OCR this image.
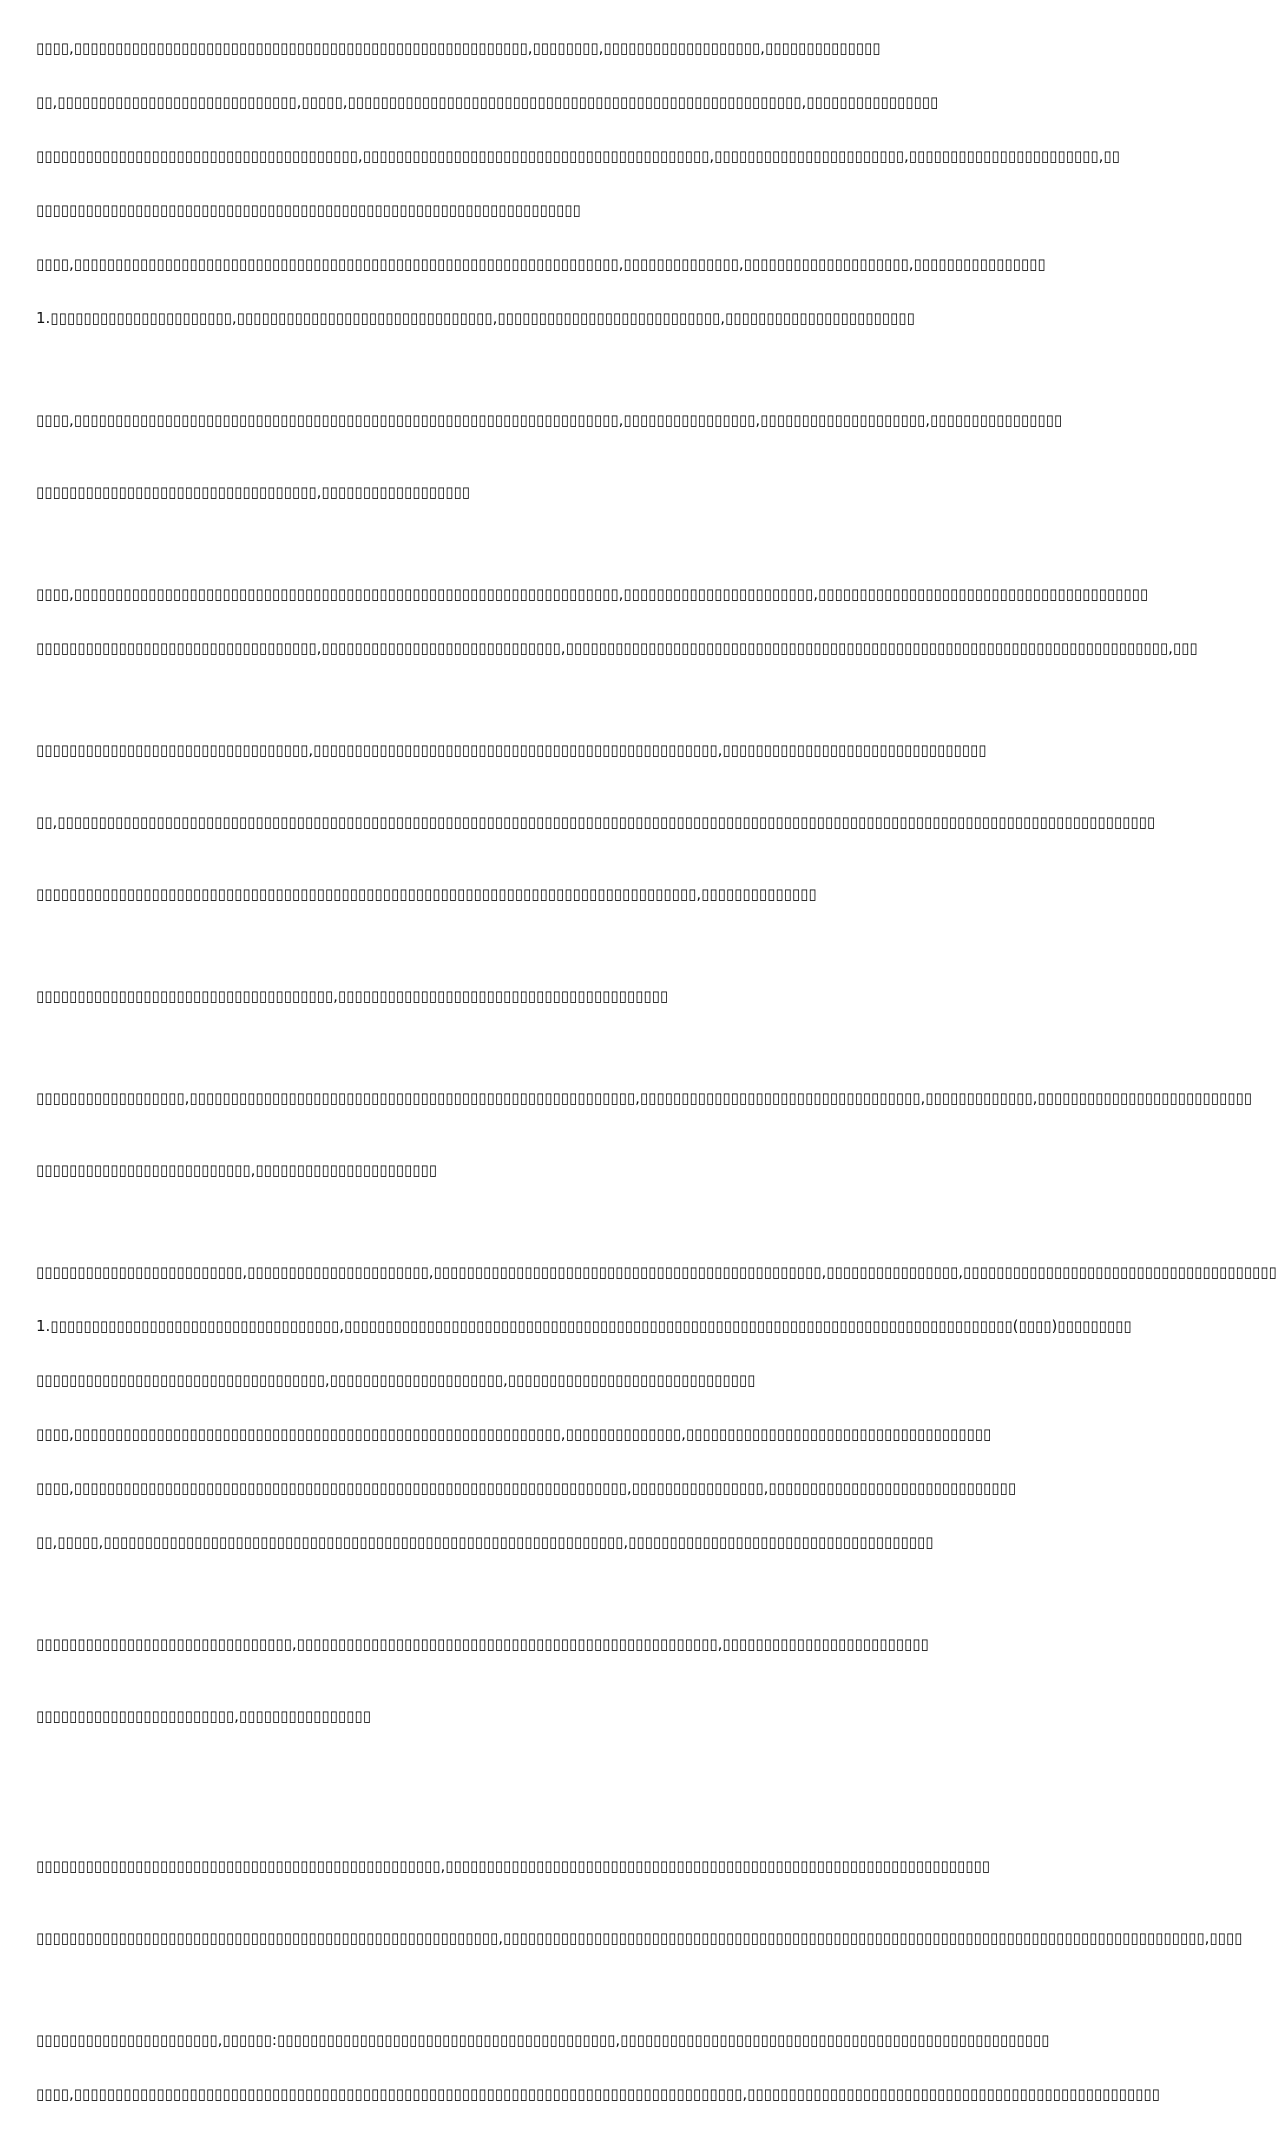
▯▯▯▯,▯▯▯▯▯▯▯▯▯▯▯▯▯▯▯▯▯▯▯▯▯▯▯▯▯▯▯▯▯▯▯▯▯▯▯▯▯▯▯▯▯▯▯▯▯▯▯▯▯▯▯▯▯▯▯,▯▯▯▯▯▯▯▯,▯▯▯▯▯▯▯▯▯▯▯▯▯▯▯▯▯▯▯,▯▯▯▯▯▯▯▯▯▯▯▯▯▯
▯▯,▯▯▯▯▯▯▯▯▯▯▯▯▯▯▯▯▯▯▯▯▯▯▯▯▯▯▯▯▯,▯▯▯▯▯,▯▯▯▯▯▯▯▯▯▯▯▯▯▯▯▯▯▯▯▯▯▯▯▯▯▯▯▯▯▯▯▯▯▯▯▯▯▯▯▯▯▯▯▯▯▯▯▯▯▯▯▯▯▯▯,▯▯▯▯▯▯▯▯▯▯▯▯▯▯▯▯
▯▯▯▯▯▯▯▯▯▯▯▯▯▯▯▯▯▯▯▯▯▯▯▯▯▯▯▯▯▯▯▯▯▯▯▯▯▯▯,▯▯▯▯▯▯▯▯▯▯▯▯▯▯▯▯▯▯▯▯▯▯▯▯▯▯▯▯▯▯▯▯▯▯▯▯▯▯▯▯▯▯,▯▯▯▯▯▯▯▯▯▯▯▯▯▯▯▯▯▯▯▯▯▯▯,▯▯▯▯▯▯▯▯▯▯▯▯▯▯▯▯▯▯▯▯▯▯▯,▯▯
▯▯▯▯▯▯▯▯▯▯▯▯▯▯▯▯▯▯▯▯▯▯▯▯▯▯▯▯▯▯▯▯▯▯▯▯▯▯▯▯▯▯▯▯▯▯▯▯▯▯▯▯▯▯▯▯▯▯▯▯▯▯▯▯▯▯
▯▯▯▯,▯▯▯▯▯▯▯▯▯▯▯▯▯▯▯▯▯▯▯▯▯▯▯▯▯▯▯▯▯▯▯▯▯▯▯▯▯▯▯▯▯▯▯▯▯▯▯▯▯▯▯▯▯▯▯▯▯▯▯▯▯▯▯▯▯▯,▯▯▯▯▯▯▯▯▯▯▯▯▯▯,▯▯▯▯▯▯▯▯▯▯▯▯▯▯▯▯▯▯▯▯,▯▯▯▯▯▯▯▯▯▯▯▯▯▯▯▯
1.▯▯▯▯▯▯▯▯▯▯▯▯▯▯▯▯▯▯▯▯▯▯,▯▯▯▯▯▯▯▯▯▯▯▯▯▯▯▯▯▯▯▯▯▯▯▯▯▯▯▯▯▯▯,▯▯▯▯▯▯▯▯▯▯▯▯▯▯▯▯▯▯▯▯▯▯▯▯▯▯▯,▯▯▯▯▯▯▯▯▯▯▯▯▯▯▯▯▯▯▯▯▯▯▯

▯▯▯▯,▯▯▯▯▯▯▯▯▯▯▯▯▯▯▯▯▯▯▯▯▯▯▯▯▯▯▯▯▯▯▯▯▯▯▯▯▯▯▯▯▯▯▯▯▯▯▯▯▯▯▯▯▯▯▯▯▯▯▯▯▯▯▯▯▯▯,▯▯▯▯▯▯▯▯▯▯▯▯▯▯▯▯,▯▯▯▯▯▯▯▯▯▯▯▯▯▯▯▯▯▯▯▯,▯▯▯▯▯▯▯▯▯▯▯▯▯▯▯▯

▯▯▯▯▯▯▯▯▯▯▯▯▯▯▯▯▯▯▯▯▯▯▯▯▯▯▯▯▯▯▯▯▯▯,▯▯▯▯▯▯▯▯▯▯▯▯▯▯▯▯▯▯

▯▯▯▯,▯▯▯▯▯▯▯▯▯▯▯▯▯▯▯▯▯▯▯▯▯▯▯▯▯▯▯▯▯▯▯▯▯▯▯▯▯▯▯▯▯▯▯▯▯▯▯▯▯▯▯▯▯▯▯▯▯▯▯▯▯▯▯▯▯▯,▯▯▯▯▯▯▯▯▯▯▯▯▯▯▯▯▯▯▯▯▯▯▯,▯▯▯▯▯▯▯▯▯▯▯▯▯▯▯▯▯▯▯▯▯▯▯▯▯▯▯▯▯▯▯▯▯▯▯▯▯▯▯▯
▯▯▯▯▯▯▯▯▯▯▯▯▯▯▯▯▯▯▯▯▯▯▯▯▯▯▯▯▯▯▯▯▯▯,▯▯▯▯▯▯▯▯▯▯▯▯▯▯▯▯▯▯▯▯▯▯▯▯▯▯▯▯▯,▯▯▯▯▯▯▯▯▯▯▯▯▯▯▯▯▯▯▯▯▯▯▯▯▯▯▯▯▯▯▯▯▯▯▯▯▯▯▯▯▯▯▯▯▯▯▯▯▯▯▯▯▯▯▯▯▯▯▯▯▯▯▯▯▯▯▯▯▯▯▯▯▯,▯▯▯

▯▯▯▯▯▯▯▯▯▯▯▯▯▯▯▯▯▯▯▯▯▯▯▯▯▯▯▯▯▯▯▯▯,▯▯▯▯▯▯▯▯▯▯▯▯▯▯▯▯▯▯▯▯▯▯▯▯▯▯▯▯▯▯▯▯▯▯▯▯▯▯▯▯▯▯▯▯▯▯▯▯▯,▯▯▯▯▯▯▯▯▯▯▯▯▯▯▯▯▯▯▯▯▯▯▯▯▯▯▯▯▯▯▯▯

▯▯,▯▯▯▯▯▯▯▯▯▯▯▯▯▯▯▯▯▯▯▯▯▯▯▯▯▯▯▯▯▯▯▯▯▯▯▯▯▯▯▯▯▯▯▯▯▯▯▯▯▯▯▯▯▯▯▯▯▯▯▯▯▯▯▯▯▯▯▯▯▯▯▯▯▯▯▯▯▯▯▯▯▯▯▯▯▯▯▯▯▯▯▯▯▯▯▯▯▯▯▯▯▯▯▯▯▯▯▯▯▯▯▯▯▯▯▯▯▯▯▯▯▯▯▯▯▯▯▯▯▯▯▯▯

▯▯▯▯▯▯▯▯▯▯▯▯▯▯▯▯▯▯▯▯▯▯▯▯▯▯▯▯▯▯▯▯▯▯▯▯▯▯▯▯▯▯▯▯▯▯▯▯▯▯▯▯▯▯▯▯▯▯▯▯▯▯▯▯▯▯▯▯▯▯▯▯▯▯▯▯▯▯▯▯,▯▯▯▯▯▯▯▯▯▯▯▯▯▯

▯▯▯▯▯▯▯▯▯▯▯▯▯▯▯▯▯▯▯▯▯▯▯▯▯▯▯▯▯▯▯▯▯▯▯▯,▯▯▯▯▯▯▯▯▯▯▯▯▯▯▯▯▯▯▯▯▯▯▯▯▯▯▯▯▯▯▯▯▯▯▯▯▯▯▯▯

▯▯▯▯▯▯▯▯▯▯▯▯▯▯▯▯▯▯,▯▯▯▯▯▯▯▯▯▯▯▯▯▯▯▯▯▯▯▯▯▯▯▯▯▯▯▯▯▯▯▯▯▯▯▯▯▯▯▯▯▯▯▯▯▯▯▯▯▯▯▯▯▯,▯▯▯▯▯▯▯▯▯▯▯▯▯▯▯▯▯▯▯▯▯▯▯▯▯▯▯▯▯▯▯▯▯▯,▯▯▯▯▯▯▯▯▯▯▯▯▯,▯▯▯▯▯▯▯▯▯▯▯▯▯▯▯▯▯▯▯▯▯▯▯▯▯▯

▯▯▯▯▯▯▯▯▯▯▯▯▯▯▯▯▯▯▯▯▯▯▯▯▯▯,▯▯▯▯▯▯▯▯▯▯▯▯▯▯▯▯▯▯▯▯▯▯

▯▯▯▯▯▯▯▯▯▯▯▯▯▯▯▯▯▯▯▯▯▯▯▯▯,▯▯▯▯▯▯▯▯▯▯▯▯▯▯▯▯▯▯▯▯▯▯,▯▯▯▯▯▯▯▯▯▯▯▯▯▯▯▯▯▯▯▯▯▯▯▯▯▯▯▯▯▯▯▯▯▯▯▯▯▯▯▯▯▯▯▯▯▯▯,▯▯▯▯▯▯▯▯▯▯▯▯▯▯▯▯,▯▯▯▯▯▯▯▯▯▯▯▯▯▯▯▯▯▯▯▯▯▯▯▯▯▯▯▯▯▯▯▯▯▯▯▯▯▯
1.▯▯▯▯▯▯▯▯▯▯▯▯▯▯▯▯▯▯▯▯▯▯▯▯▯▯▯▯▯▯▯▯▯▯▯,▯▯▯▯▯▯▯▯▯▯▯▯▯▯▯▯▯▯▯▯▯▯▯▯▯▯▯▯▯▯▯▯▯▯▯▯▯▯▯▯▯▯▯▯▯▯▯▯▯▯▯▯▯▯▯▯▯▯▯▯▯▯▯▯▯▯▯▯▯▯▯▯▯▯▯▯▯▯▯▯▯(▯▯▯▯)▯▯▯▯▯▯▯▯▯
▯▯▯▯▯▯▯▯▯▯▯▯▯▯▯▯▯▯▯▯▯▯▯▯▯▯▯▯▯▯▯▯▯▯▯,▯▯▯▯▯▯▯▯▯▯▯▯▯▯▯▯▯▯▯▯▯,▯▯▯▯▯▯▯▯▯▯▯▯▯▯▯▯▯▯▯▯▯▯▯▯▯▯▯▯▯▯
▯▯▯▯,▯▯▯▯▯▯▯▯▯▯▯▯▯▯▯▯▯▯▯▯▯▯▯▯▯▯▯▯▯▯▯▯▯▯▯▯▯▯▯▯▯▯▯▯▯▯▯▯▯▯▯▯▯▯▯▯▯▯▯,▯▯▯▯▯▯▯▯▯▯▯▯▯▯,▯▯▯▯▯▯▯▯▯▯▯▯▯▯▯▯▯▯▯▯▯▯▯▯▯▯▯▯▯▯▯▯▯▯▯▯▯
▯▯▯▯,▯▯▯▯▯▯▯▯▯▯▯▯▯▯▯▯▯▯▯▯▯▯▯▯▯▯▯▯▯▯▯▯▯▯▯▯▯▯▯▯▯▯▯▯▯▯▯▯▯▯▯▯▯▯▯▯▯▯▯▯▯▯▯▯▯▯▯,▯▯▯▯▯▯▯▯▯▯▯▯▯▯▯▯,▯▯▯▯▯▯▯▯▯▯▯▯▯▯▯▯▯▯▯▯▯▯▯▯▯▯▯▯▯▯
▯▯,▯▯▯▯▯,▯▯▯▯▯▯▯▯▯▯▯▯▯▯▯▯▯▯▯▯▯▯▯▯▯▯▯▯▯▯▯▯▯▯▯▯▯▯▯▯▯▯▯▯▯▯▯▯▯▯▯▯▯▯▯▯▯▯▯▯▯▯▯,▯▯▯▯▯▯▯▯▯▯▯▯▯▯▯▯▯▯▯▯▯▯▯▯▯▯▯▯▯▯▯▯▯▯▯▯▯

▯▯▯▯▯▯▯▯▯▯▯▯▯▯▯▯▯▯▯▯▯▯▯▯▯▯▯▯▯▯▯,▯▯▯▯▯▯▯▯▯▯▯▯▯▯▯▯▯▯▯▯▯▯▯▯▯▯▯▯▯▯▯▯▯▯▯▯▯▯▯▯▯▯▯▯▯▯▯▯▯▯▯,▯▯▯▯▯▯▯▯▯▯▯▯▯▯▯▯▯▯▯▯▯▯▯▯▯

▯▯▯▯▯▯▯▯▯▯▯▯▯▯▯▯▯▯▯▯▯▯▯▯,▯▯▯▯▯▯▯▯▯▯▯▯▯▯▯▯

▯▯▯▯▯▯▯▯▯▯▯▯▯▯▯▯▯▯▯▯▯▯▯▯▯▯▯▯▯▯▯▯▯▯▯▯▯▯▯▯▯▯▯▯▯▯▯▯▯,▯▯▯▯▯▯▯▯▯▯▯▯▯▯▯▯▯▯▯▯▯▯▯▯▯▯▯▯▯▯▯▯▯▯▯▯▯▯▯▯▯▯▯▯▯▯▯▯▯▯▯▯▯▯▯▯▯▯▯▯▯▯▯▯▯▯

▯▯▯▯▯▯▯▯▯▯▯▯▯▯▯▯▯▯▯▯▯▯▯▯▯▯▯▯▯▯▯▯▯▯▯▯▯▯▯▯▯▯▯▯▯▯▯▯▯▯▯▯▯▯▯▯,▯▯▯▯▯▯▯▯▯▯▯▯▯▯▯▯▯▯▯▯▯▯▯▯▯▯▯▯▯▯▯▯▯▯▯▯▯▯▯▯▯▯▯▯▯▯▯▯▯▯▯▯▯▯▯▯▯▯▯▯▯▯▯▯▯▯▯▯▯▯▯▯▯▯▯▯▯▯▯▯▯▯▯▯▯,▯▯▯▯

▯▯▯▯▯▯▯▯▯▯▯▯▯▯▯▯▯▯▯▯▯▯,▯▯▯▯▯▯:▯▯▯▯▯▯▯▯▯▯▯▯▯▯▯▯▯▯▯▯▯▯▯▯▯▯▯▯▯▯▯▯▯▯▯▯▯▯▯▯▯,▯▯▯▯▯▯▯▯▯▯▯▯▯▯▯▯▯▯▯▯▯▯▯▯▯▯▯▯▯▯▯▯▯▯▯▯▯▯▯▯▯▯▯▯▯▯▯▯▯▯▯▯
▯▯▯▯,▯▯▯▯▯▯▯▯▯▯▯▯▯▯▯▯▯▯▯▯▯▯▯▯▯▯▯▯▯▯▯▯▯▯▯▯▯▯▯▯▯▯▯▯▯▯▯▯▯▯▯▯▯▯▯▯▯▯▯▯▯▯▯▯▯▯▯▯▯▯▯▯▯▯▯▯▯▯▯▯▯,▯▯▯▯▯▯▯▯▯▯▯▯▯▯▯▯▯▯▯▯▯▯▯▯▯▯▯▯▯▯▯▯▯▯▯▯▯▯▯▯▯▯▯▯▯▯▯▯▯▯
